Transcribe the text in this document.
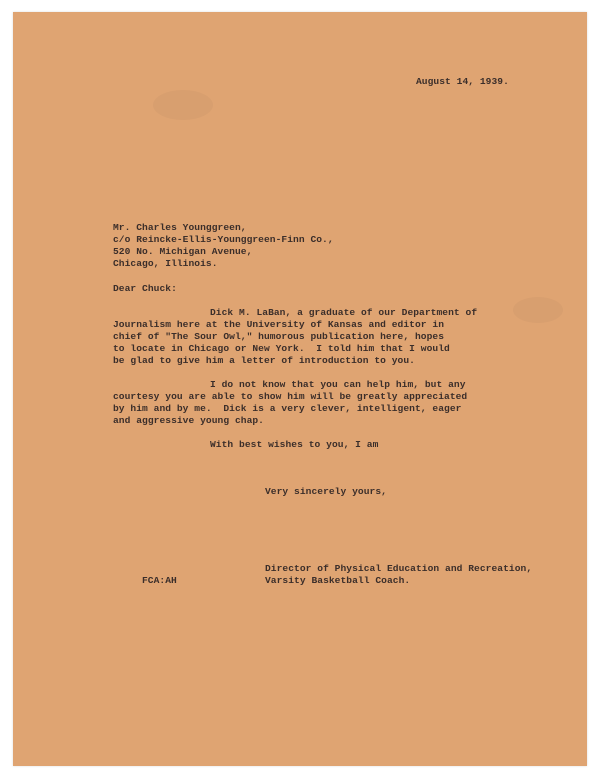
August 14, 1939.
Mr. Charles Younggreen,
c/o Reincke-Ellis-Younggreen-Finn Co.,
520 No. Michigan Avenue,
Chicago, Illinois.
Dear Chuck:
Dick M. LaBan, a graduate of our Department of
Journalism here at the University of Kansas and editor in
chief of "The Sour Owl," humorous publication here, hopes
to locate in Chicago or New York.  I told him that I would
be glad to give him a letter of introduction to you.
I do not know that you can help him, but any
courtesy you are able to show him will be greatly appreciated
by him and by me.  Dick is a very clever, intelligent, eager
and aggressive young chap.
With best wishes to you, I am
Very sincerely yours,
Director of Physical Education and Recreation,
Varsity Basketball Coach.
FCA:AH
